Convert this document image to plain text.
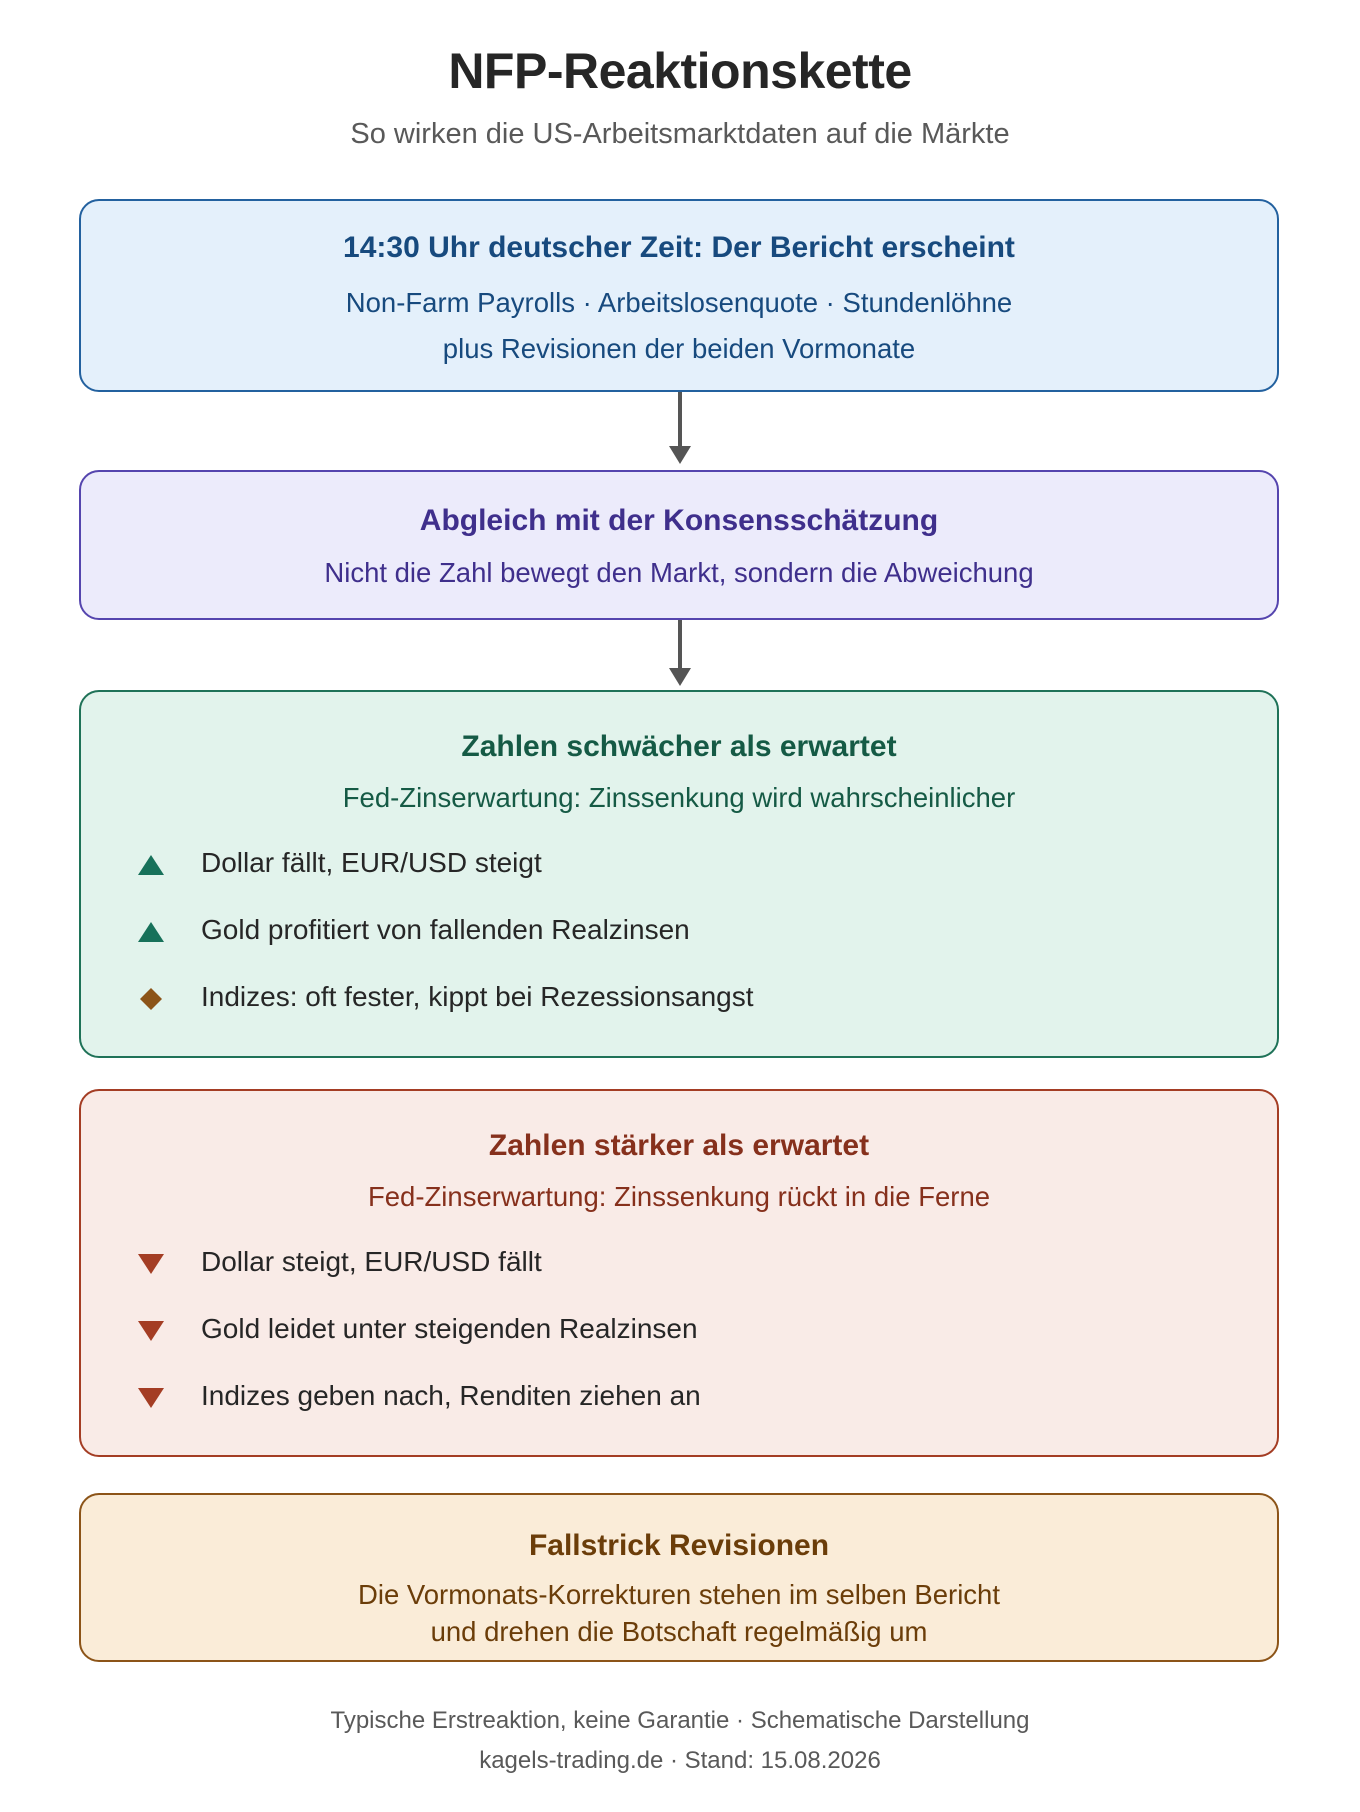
NFP-Reaktionskette
So wirken die US-Arbeitsmarktdaten auf die Märkte
14:30 Uhr deutscher Zeit: Der Bericht erscheint
Non-Farm Payrolls · Arbeitslosenquote · Stundenlöhne
plus Revisionen der beiden Vormonate
Abgleich mit der Konsensschätzung
Nicht die Zahl bewegt den Markt, sondern die Abweichung
Zahlen schwächer als erwartet
Fed-Zinserwartung: Zinssenkung wird wahrscheinlicher
Dollar fällt, EUR/USD steigt
Gold profitiert von fallenden Realzinsen
Indizes: oft fester, kippt bei Rezessionsangst
Zahlen stärker als erwartet
Fed-Zinserwartung: Zinssenkung rückt in die Ferne
Dollar steigt, EUR/USD fällt
Gold leidet unter steigenden Realzinsen
Indizes geben nach, Renditen ziehen an
Fallstrick Revisionen
Die Vormonats-Korrekturen stehen im selben Bericht
und drehen die Botschaft regelmäßig um
Typische Erstreaktion, keine Garantie · Schematische Darstellung
kagels-trading.de · Stand: 15.08.2026
